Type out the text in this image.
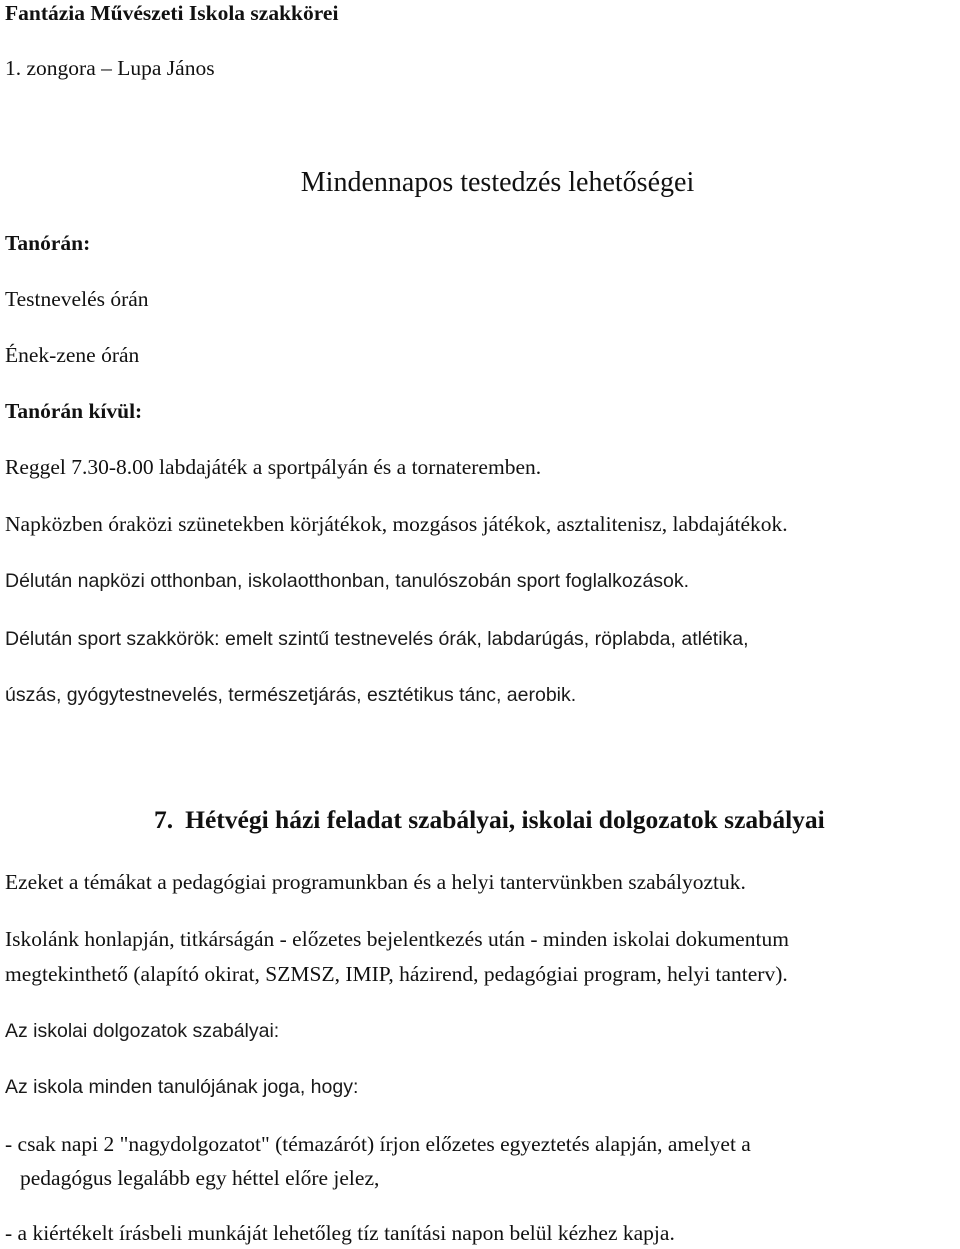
Fantázia Művészeti Iskola szakkörei

1. zongora – Lupa János

Mindennapos testedzés lehetőségei

Tanórán:

Testnevelés órán

Ének-zene órán

Tanórán kívül:

Reggel 7.30-8.00 labdajáték a sportpályán és a tornateremben.

Napközben óraközi szünetekben körjátékok, mozgásos játékok, asztalitenisz, labdajátékok.

Délután napközi otthonban, iskolaotthonban, tanulószobán sport foglalkozások.

Délután sport szakkörök: emelt szintű testnevelés órák, labdarúgás, röplabda, atlétika,

úszás, gyógytestnevelés, természetjárás, esztétikus tánc, aerobik.

7. Hétvégi házi feladat szabályai, iskolai dolgozatok szabályai

Ezeket a témákat a pedagógiai programunkban és a helyi tantervünkben szabályoztuk.

Iskolánk honlapján, titkárságán - előzetes bejelentkezés után - minden iskolai dokumentum

megtekinthető (alapító okirat, SZMSZ, IMIP, házirend, pedagógiai program, helyi tanterv).

Az iskolai dolgozatok szabályai:

Az iskola minden tanulójának joga, hogy:

- csak napi 2 "nagydolgozatot" (témazárót) írjon előzetes egyeztetés alapján, amelyet a

pedagógus legalább egy héttel előre jelez,

- a kiértékelt írásbeli munkáját lehetőleg tíz tanítási napon belül kézhez kapja.
